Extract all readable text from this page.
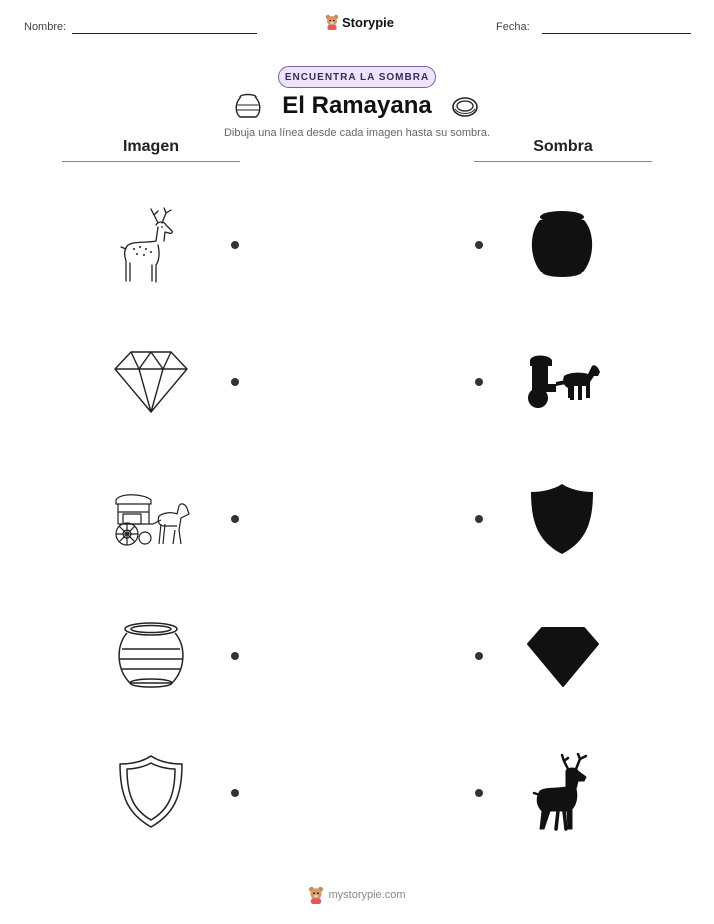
Nombre:	Storypie	Fecha:
ENCUENTRA LA SOMBRA
El Ramayana
Dibuja una línea desde cada imagen hasta su sombra.
Imagen	Sombra
mystorypie.com
